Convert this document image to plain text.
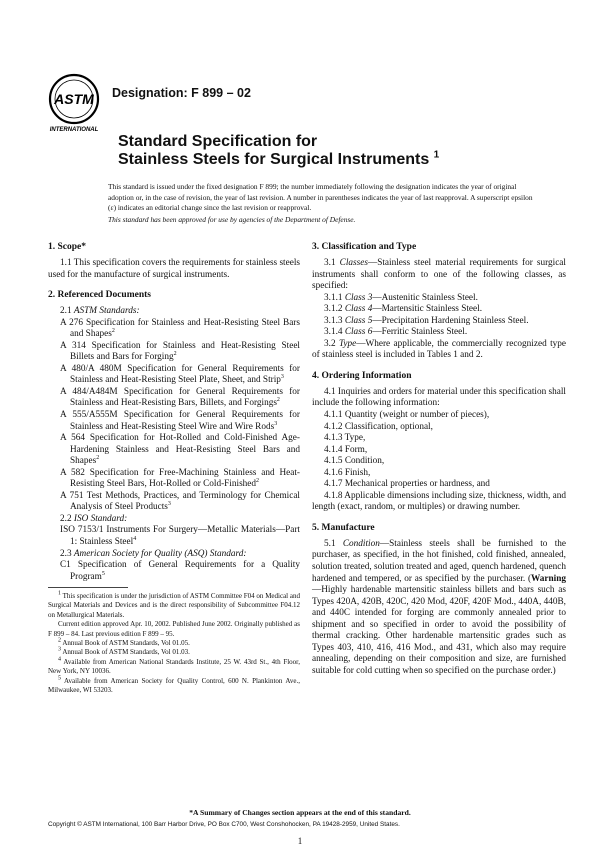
ASTM
INTERNATIONAL
Designation: F 899 – 02
Standard Specification for
Stainless Steels for Surgical Instruments $^1$
This standard is issued under the fixed designation F 899; the number immediately following the designation indicates the year of original adoption or, in the case of revision, the year of last revision. A number in parentheses indicates the year of last reapproval. A superscript epsilon (ε) indicates an editorial change since the last revision or reapproval.
This standard has been approved for use by agencies of the Department of Defense.
1. Scope*

1.1 This specification covers the requirements for stainless steels used for the manufacture of surgical instruments.

2. Referenced Documents

2.1 ASTM Standards:

A 276 Specification for Stainless and Heat-Resisting Steel Bars and Shapes$^2$

A 314 Specification for Stainless and Heat-Resisting Steel Billets and Bars for Forging$^2$

A 480/A 480M Specification for General Requirements for Stainless and Heat-Resisting Steel Plate, Sheet, and Strip$^3$

A 484/A484M Specification for General Requirements for Stainless and Heat-Resisting Bars, Billets, and Forgings$^2$

A 555/A555M Specification for General Requirements for Stainless and Heat-Resisting Steel Wire and Wire Rods$^3$

A 564 Specification for Hot-Rolled and Cold-Finished Age-Hardening Stainless and Heat-Resisting Steel Bars and Shapes$^2$

A 582 Specification for Free-Machining Stainless and Heat-Resisting Steel Bars, Hot-Rolled or Cold-Finished$^2$

A 751 Test Methods, Practices, and Terminology for Chemical Analysis of Steel Products$^3$

2.2 ISO Standard:

ISO 7153/1 Instruments For Surgery—Metallic Materials—Part 1: Stainless Steel$^4$

2.3 American Society for Quality (ASQ) Standard:

C1 Specification of General Requirements for a Quality Program$^5$

$^1$ This specification is under the jurisdiction of ASTM Committee F04 on Medical and Surgical Materials and Devices and is the direct responsibility of Subcommittee F04.12 on Metallurgical Materials.

Current edition approved Apr. 10, 2002. Published June 2002. Originally published as F 899 – 84. Last previous edition F 899 – 95.

$^2$ Annual Book of ASTM Standards, Vol 01.05.

$^3$ Annual Book of ASTM Standards, Vol 01.03.

$^4$ Available from American National Standards Institute, 25 W. 43rd St., 4th Floor, New York, NY 10036.

$^5$ Available from American Society for Quality Control, 600 N. Plankinton Ave., Milwaukee, WI 53203.

3. Classification and Type

3.1 Classes—Stainless steel material requirements for surgical instruments shall conform to one of the following classes, as specified:

3.1.1 Class 3—Austenitic Stainless Steel.

3.1.2 Class 4—Martensitic Stainless Steel.

3.1.3 Class 5—Precipitation Hardening Stainless Steel.

3.1.4 Class 6—Ferritic Stainless Steel.

3.2 Type—Where applicable, the commercially recognized type of stainless steel is included in Tables 1 and 2.

4. Ordering Information

4.1 Inquiries and orders for material under this specification shall include the following information:

4.1.1 Quantity (weight or number of pieces),

4.1.2 Classification, optional,

4.1.3 Type,

4.1.4 Form,

4.1.5 Condition,

4.1.6 Finish,

4.1.7 Mechanical properties or hardness, and

4.1.8 Applicable dimensions including size, thickness, width, and length (exact, random, or multiples) or drawing number.

5. Manufacture

5.1 Condition—Stainless steels shall be furnished to the purchaser, as specified, in the hot finished, cold finished, annealed, solution treated, solution treated and aged, quench hardened, quench hardened and tempered, or as specified by the purchaser. (Warning—Highly hardenable martensitic stainless billets and bars such as Types 420A, 420B, 420C, 420 Mod, 420F, 420F Mod., 440A, 440B, and 440C intended for forging are commonly annealed prior to shipment and so specified in order to avoid the possibility of thermal cracking. Other hardenable martensitic grades such as Types 403, 410, 416, 416 Mod., and 431, which also may require annealing, depending on their composition and size, are furnished suitable for cold cutting when so specified on the purchase order.)

*A Summary of Changes section appears at the end of this standard.
Copyright © ASTM International, 100 Barr Harbor Drive, PO Box C700, West Conshohocken, PA 19428-2959, United States.
1
